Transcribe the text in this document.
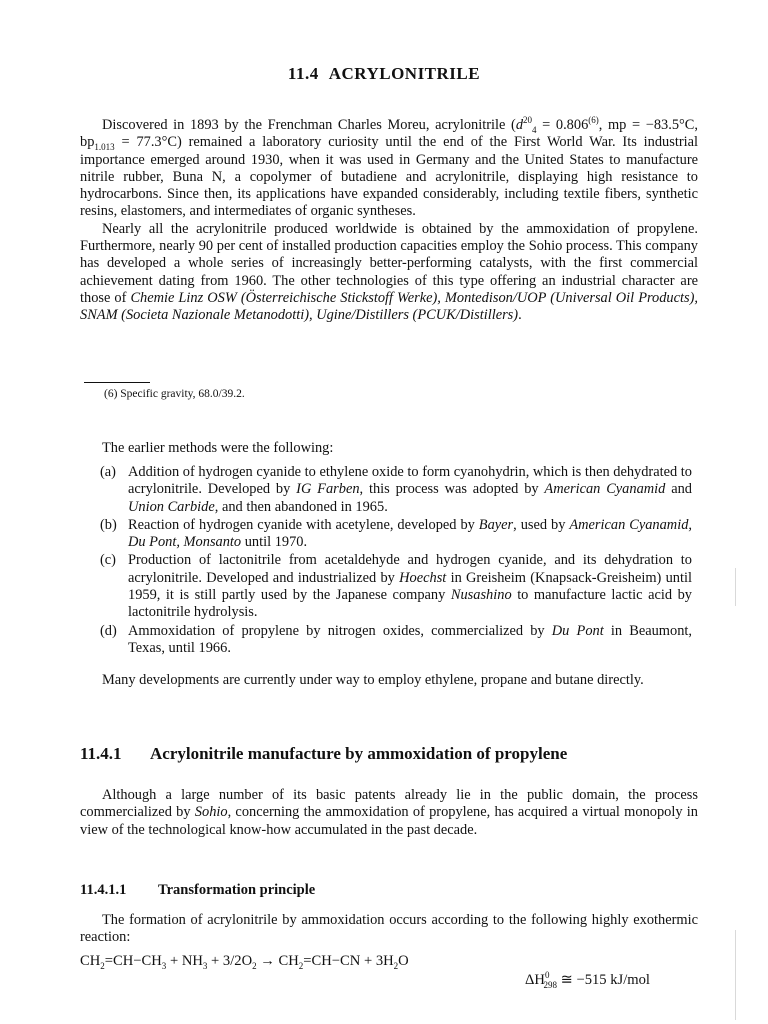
11.4 ACRYLONITRILE

Discovered in 1893 by the Frenchman Charles Moreu, acrylonitrile ($d^{20}_4 = 0.806^{(6)}$, mp = −83.5°C, $bp_{1.013} = 77.3^\circ C$) remained a laboratory curiosity until the end of the First World War. Its industrial importance emerged around 1930, when it was used in Germany and the United States to manufacture nitrile rubber, Buna N, a copolymer of butadiene and acrylonitrile, displaying high resistance to hydrocarbons. Since then, its applications have expanded considerably, including textile fibers, synthetic resins, elastomers, and intermediates of organic syntheses.

Nearly all the acrylonitrile produced worldwide is obtained by the ammoxidation of propylene. Furthermore, nearly 90 per cent of installed production capacities employ the Sohio process. This company has developed a whole series of increasingly better-performing catalysts, with the first commercial achievement dating from 1960. The other technologies of this type offering an industrial character are those of Chemie Linz OSW (Österreichische Stickstoff Werke), Montedison/UOP (Universal Oil Products), SNAM (Societa Nazionale Metanodotti), Ugine/Distillers (PCUK/Distillers).

(6) Specific gravity, 68.0/39.2.
The earlier methods were the following:
(a) Addition of hydrogen cyanide to ethylene oxide to form cyanohydrin, which is then dehydrated to acrylonitrile. Developed by IG Farben, this process was adopted by American Cyanamid and Union Carbide, and then abandoned in 1965.
(b) Reaction of hydrogen cyanide with acetylene, developed by Bayer, used by American Cyanamid, Du Pont, Monsanto until 1970.
(c) Production of lactonitrile from acetaldehyde and hydrogen cyanide, and its dehydration to acrylonitrile. Developed and industrialized by Hoechst in Greisheim (Knapsack-Greisheim) until 1959, it is still partly used by the Japanese company Nusashino to manufacture lactic acid by lactonitrile hydrolysis.
(d) Ammoxidation of propylene by nitrogen oxides, commercialized by Du Pont in Beaumont, Texas, until 1966.

Many developments are currently under way to employ ethylene, propane and butane directly.

11.4.1 Acrylonitrile manufacture by ammoxidation of propylene

Although a large number of its basic patents already lie in the public domain, the process commercialized by Sohio, concerning the ammoxidation of propylene, has acquired a virtual monopoly in view of the technological know-how accumulated in the past decade.

11.4.1.1 Transformation principle

The formation of acrylonitrile by ammoxidation occurs according to the following highly exothermic reaction:

$CH_2=CH-CH_3 + NH_3 + 3/2O_2 \to CH_2=CH-CN + 3H_2O$
$\Delta H^0_{298}$ ≅ −515 kJ/mol
